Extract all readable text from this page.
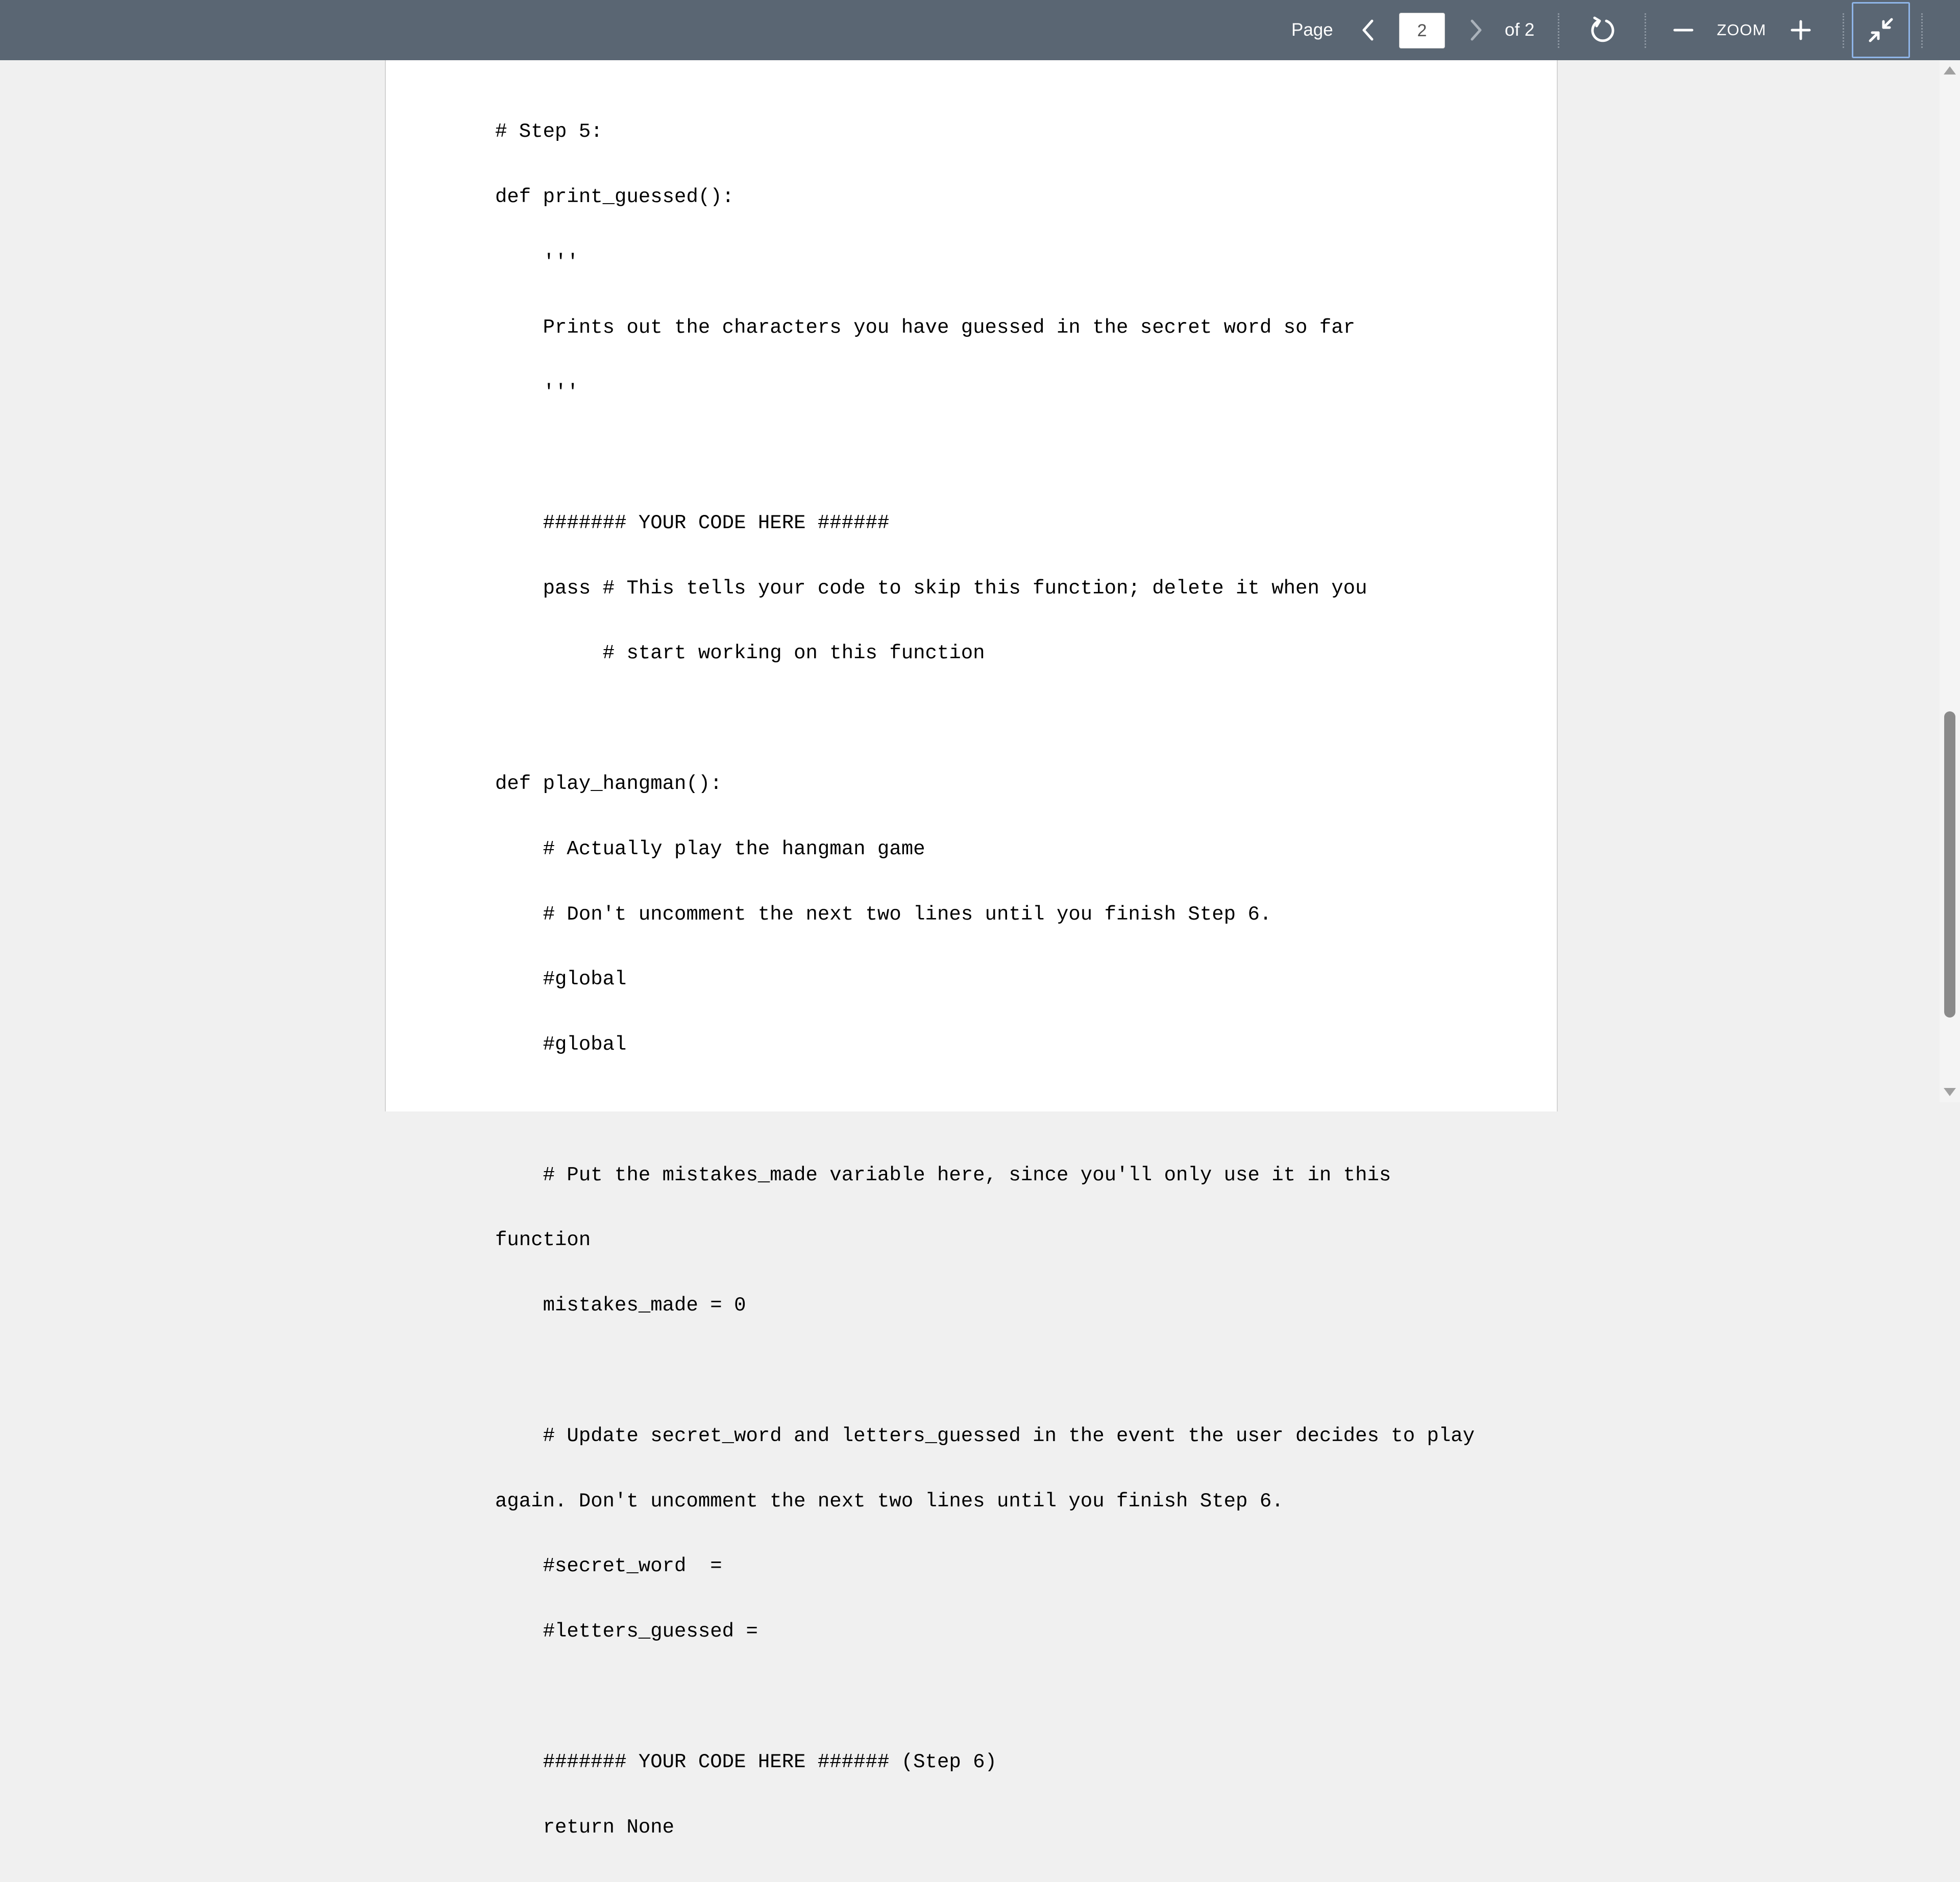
Page
2	of 2	ZOOM

# Step 5:

def print_guessed():

'''

Prints out the characters you have guessed in the secret word so far

'''

####### YOUR CODE HERE ######

pass # This tells your code to skip this function; delete it when you

# start working on this function

def play_hangman():

# Actually play the hangman game

# Don't uncomment the next two lines until you finish Step 6.

#global

#global

# Put the mistakes_made variable here, since you'll only use it in this

function

mistakes_made = 0

# Update secret_word and letters_guessed in the event the user decides to play

again. Don't uncomment the next two lines until you finish Step 6.

#secret_word  =

#letters_guessed =

####### YOUR CODE HERE ###### (Step 6)

return None
